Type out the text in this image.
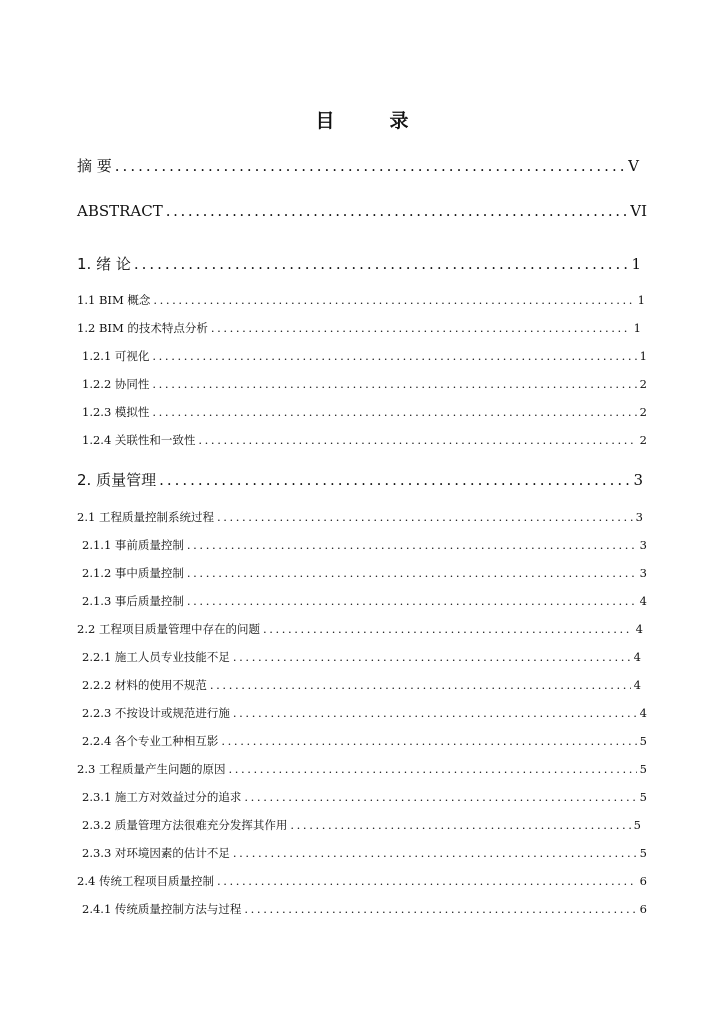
目　录
摘 要 .....	V
ABSTRACT .....	VI
1. 绪 论 .....	1
1.1 BIM 概念 .....	1
1.2 BIM 的技术特点分析 .....	1
1.2.1 可视化 .....	1
1.2.2 协同性 .....	2
1.2.3 模拟性 .....	2
1.2.4 关联性和一致性 .....	2
2. 质量管理 .....	3
2.1 工程质量控制系统过程 .....	3
2.1.1 事前质量控制 .....	3
2.1.2 事中质量控制 .....	3
2.1.3 事后质量控制 .....	4
2.2 工程项目质量管理中存在的问题 .....	4
2.2.1 施工人员专业技能不足 .....	4
2.2.2 材料的使用不规范 .....	4
2.2.3 不按设计或规范进行施 .....	4
2.2.4 各个专业工种相互影 .....	5
2.3 工程质量产生问题的原因 .....	5
2.3.1 施工方对效益过分的追求 .....	5
2.3.2 质量管理方法很难充分发挥其作用 .....	5
2.3.3 对环境因素的估计不足 .....	5
2.4 传统工程项目质量控制 .....	6
2.4.1 传统质量控制方法与过程 .....	6
